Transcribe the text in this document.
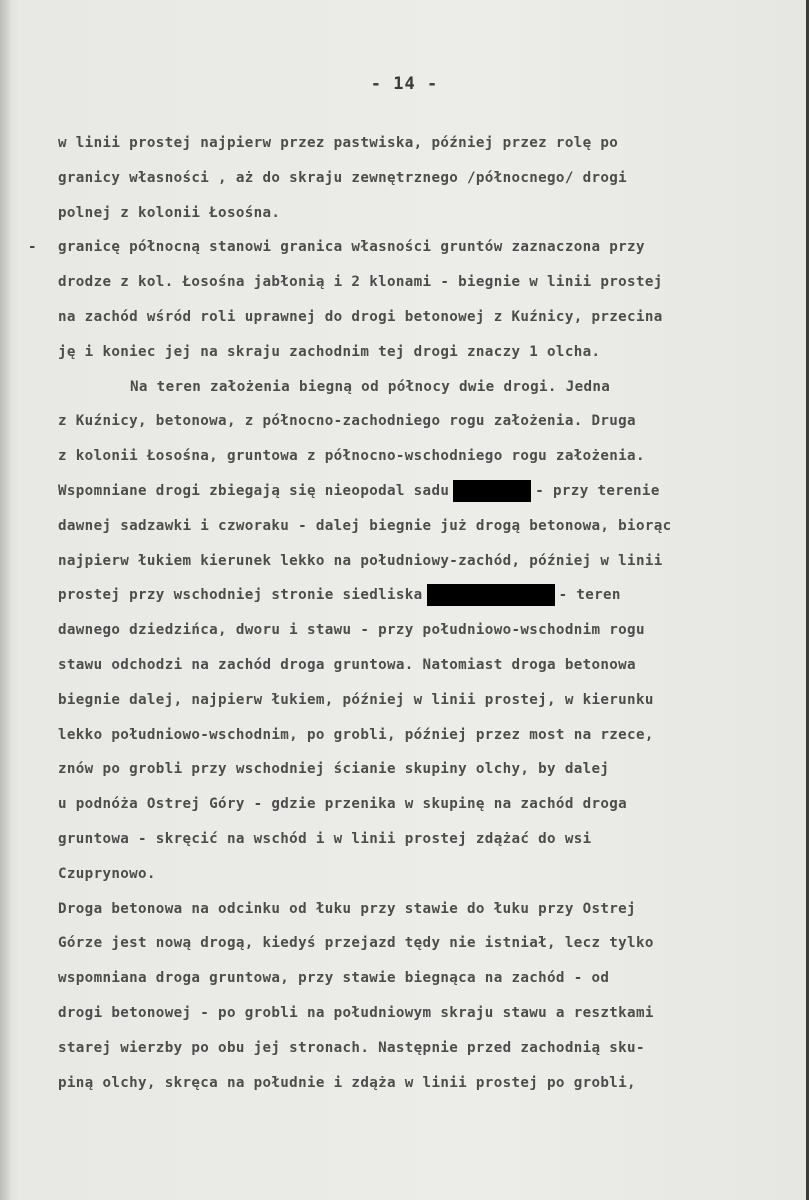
- 14 -
w linii prostej najpierw przez pastwiska, później przez rolę po
granicy własności , aż do skraju zewnętrznego /północnego/ drogi
polnej z kolonii Łosośna.
- granicę północną stanowi granica własności gruntów zaznaczona przy
drodze z kol. Łosośna jabłonią i 2 klonami - biegnie w linii prostej
na zachód wśród roli uprawnej do drogi betonowej z Kuźnicy, przecina
ję i koniec jej na skraju zachodnim tej drogi znaczy 1 olcha.
Na teren założenia biegną od północy dwie drogi. Jedna
z Kuźnicy, betonowa, z północno-zachodniego rogu założenia. Druga
z kolonii Łosośna, gruntowa z północno-wschodniego rogu założenia.
Wspomniane drogi zbiegają się nieopodal sadu	- przy terenie
dawnej sadzawki i czworaku - dalej biegnie już drogą betonowa, biorąc
najpierw łukiem kierunek lekko na południowy-zachód, później w linii
prostej przy wschodniej stronie siedliska	- teren
dawnego dziedzińca, dworu i stawu - przy południowo-wschodnim rogu
stawu odchodzi na zachód droga gruntowa. Natomiast droga betonowa
biegnie dalej, najpierw łukiem, później w linii prostej, w kierunku
lekko południowo-wschodnim, po grobli, później przez most na rzece,
znów po grobli przy wschodniej ścianie skupiny olchy, by dalej
u podnóża Ostrej Góry - gdzie przenika w skupinę na zachód droga
gruntowa - skręcić na wschód i w linii prostej zdążać do wsi
Czuprynowo.
Droga betonowa na odcinku od łuku przy stawie do łuku przy Ostrej
Górze jest nową drogą, kiedyś przejazd tędy nie istniał, lecz tylko
wspomniana droga gruntowa, przy stawie biegnąca na zachód - od
drogi betonowej - po grobli na południowym skraju stawu a resztkami
starej wierzby po obu jej stronach. Następnie przed zachodnią sku-
piną olchy, skręca na południe i zdąża w linii prostej po grobli,
